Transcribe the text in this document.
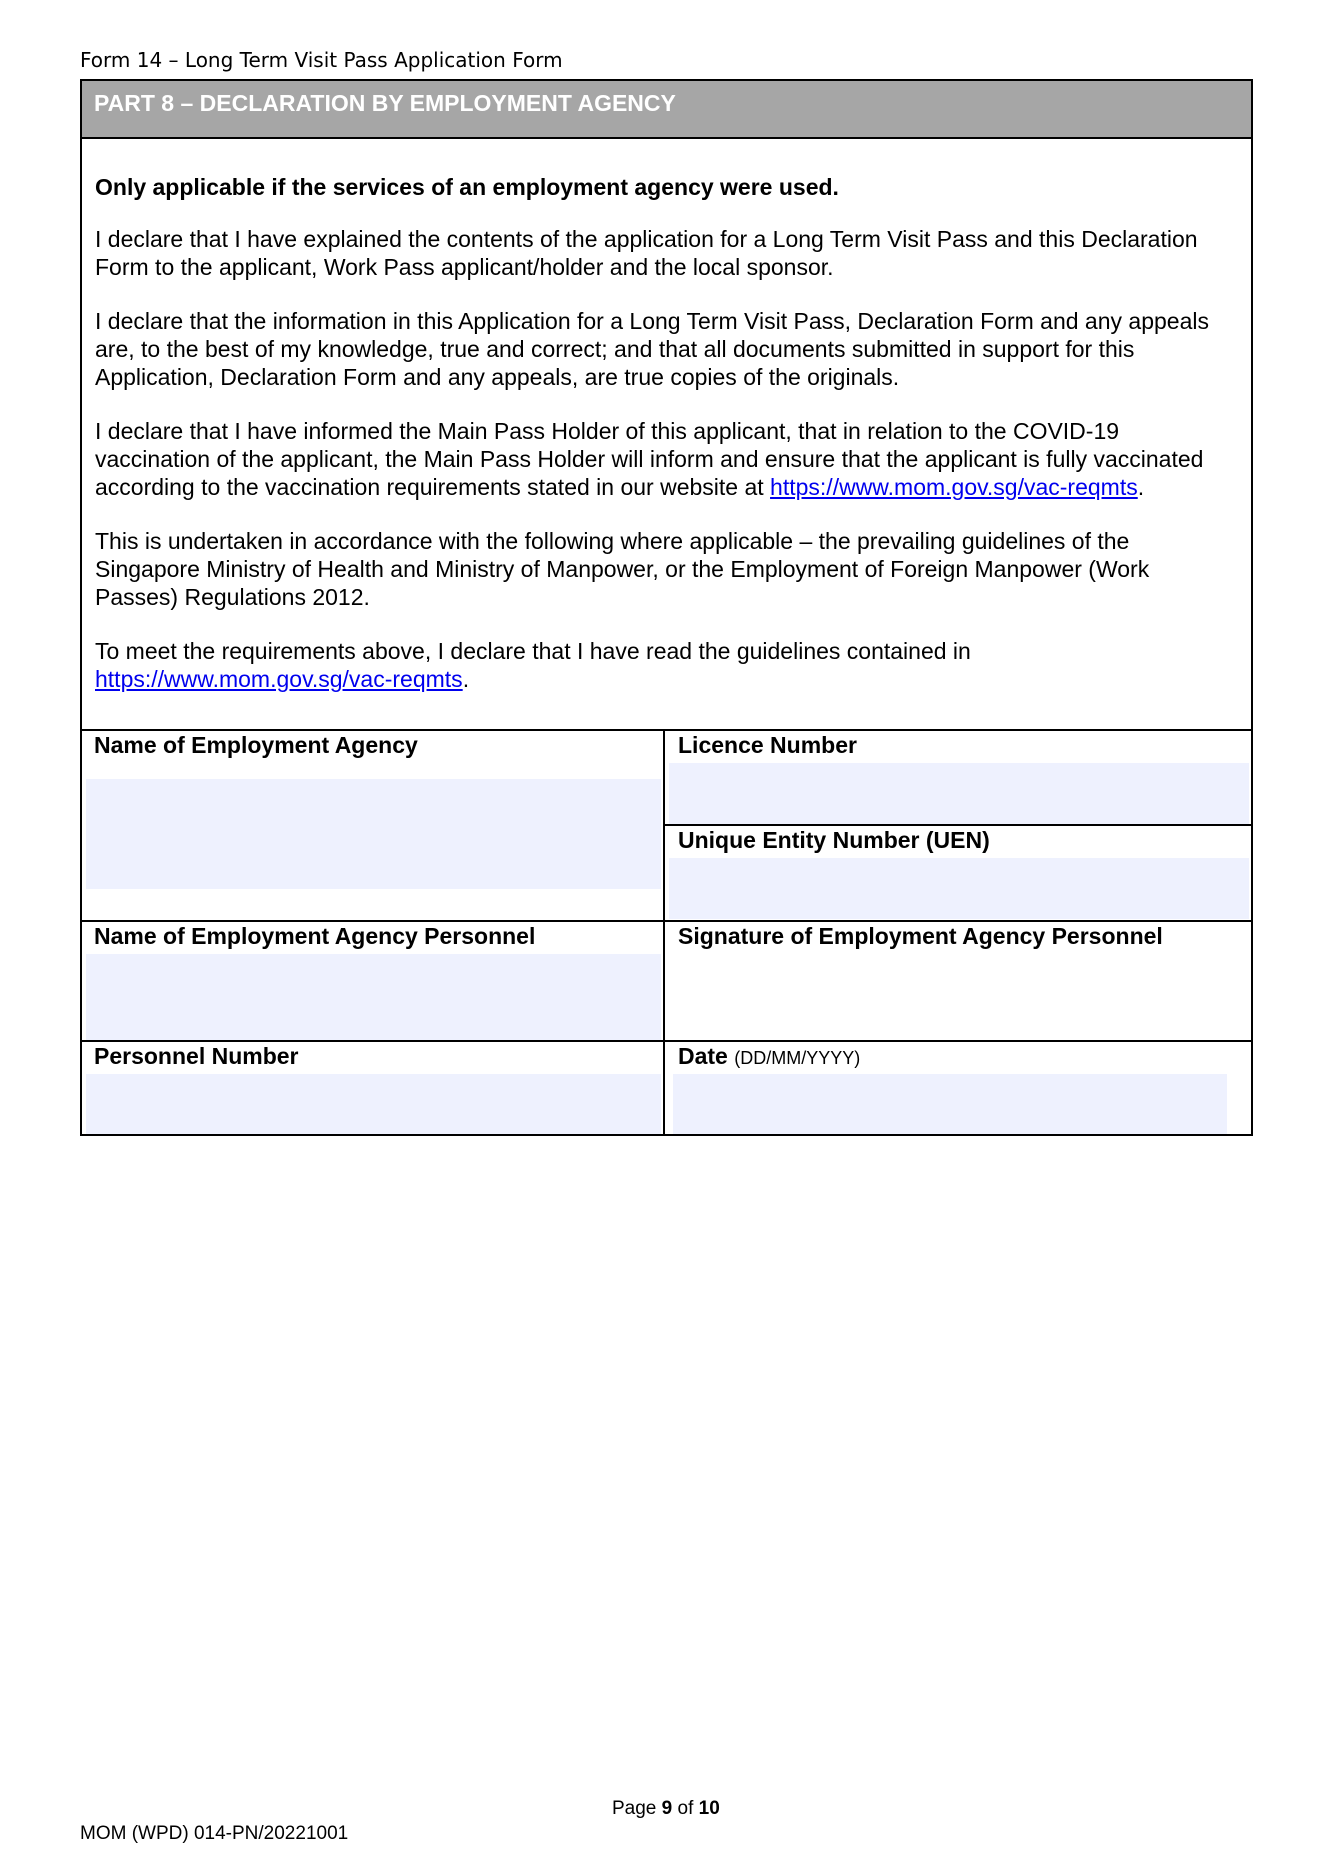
Form 14 – Long Term Visit Pass Application Form
PART 8 – DECLARATION BY EMPLOYMENT AGENCY

Only applicable if the services of an employment agency were used.

I declare that I have explained the contents of the application for a Long Term Visit Pass and this Declaration Form to the applicant, Work Pass applicant/holder and the local sponsor.

I declare that the information in this Application for a Long Term Visit Pass, Declaration Form and any appeals are, to the best of my knowledge, true and correct; and that all documents submitted in support for this Application, Declaration Form and any appeals, are true copies of the originals.

I declare that I have informed the Main Pass Holder of this applicant, that in relation to the COVID-19 vaccination of the applicant, the Main Pass Holder will inform and ensure that the applicant is fully vaccinated according to the vaccination requirements stated in our website at https://www.mom.gov.sg/vac-reqmts.

This is undertaken in accordance with the following where applicable – the prevailing guidelines of the Singapore Ministry of Health and Ministry of Manpower, or the Employment of Foreign Manpower (Work Passes) Regulations 2012.

To meet the requirements above, I declare that I have read the guidelines contained in
https://www.mom.gov.sg/vac-reqmts.

Name of Employment Agency	Licence Number
Unique Entity Number (UEN)
Name of Employment Agency Personnel	Signature of Employment Agency Personnel
Personnel Number	Date (DD/MM/YYYY)
Page 9 of 10
MOM (WPD) 014-PN/20221001
